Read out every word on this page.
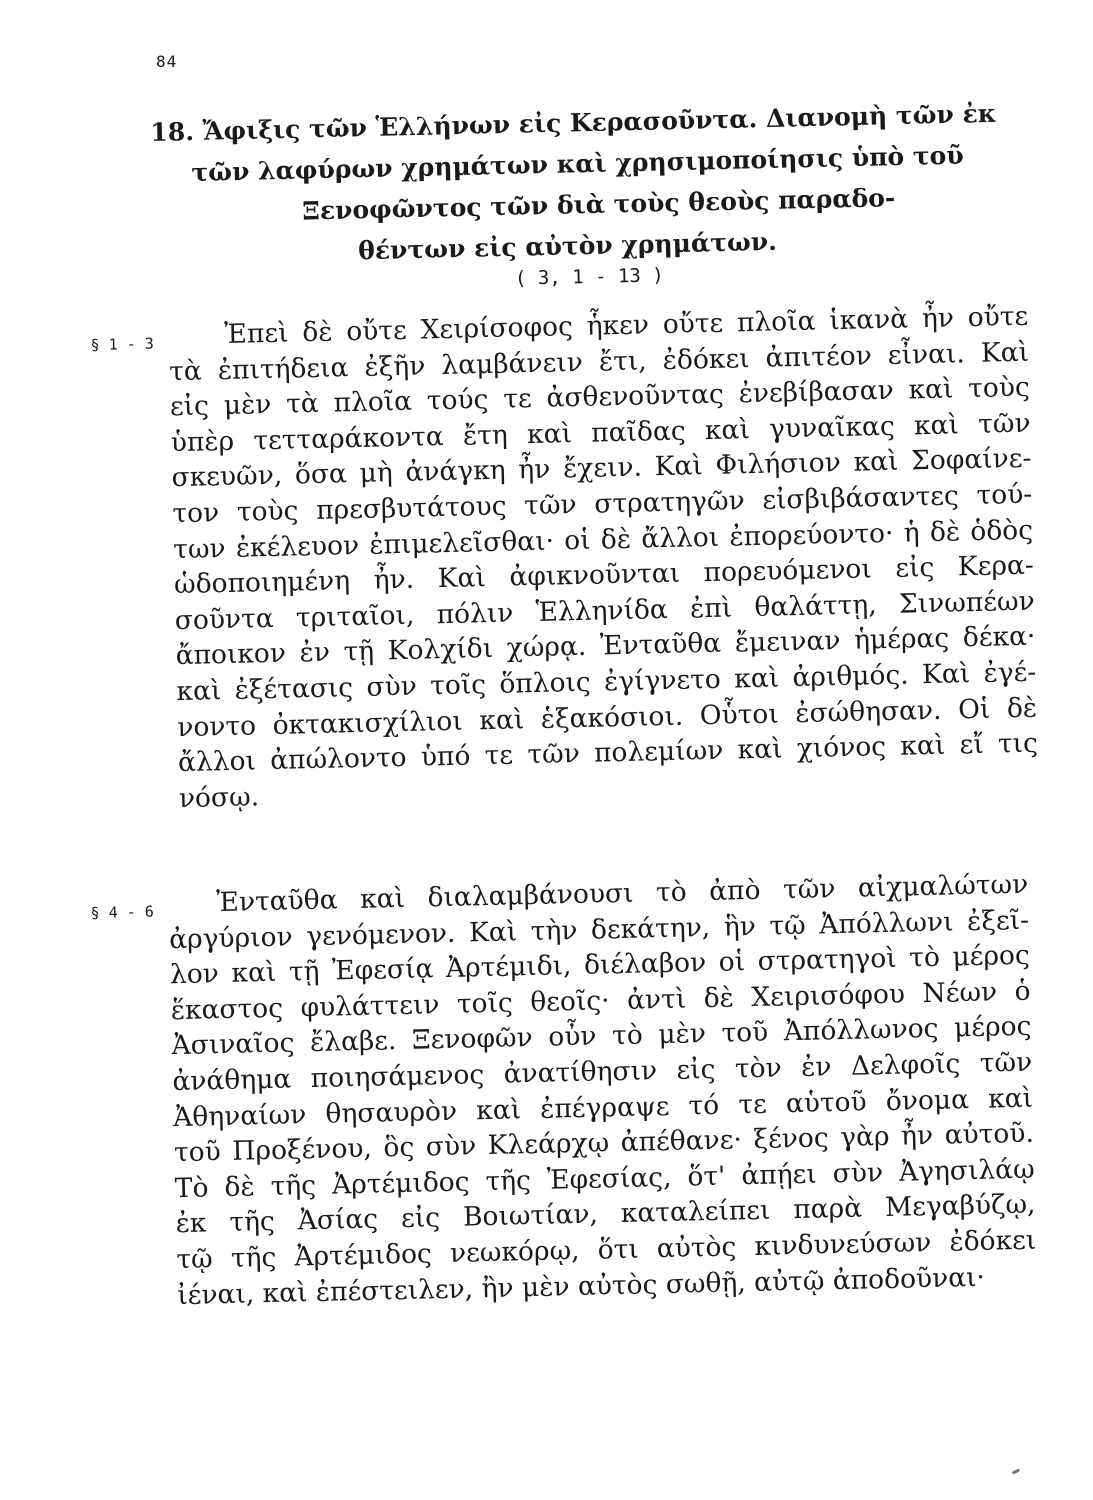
84
18. Ἄφιξις τῶν Ἑλλήνων εἰς Κερασοῦντα. Διανομὴ τῶν ἐκ
τῶν λαφύρων χρημάτων καὶ χρησιμοποίησις ὑπὸ τοῦ
Ξενοφῶντος τῶν διὰ τοὺς θεοὺς παραδο-
θέντων εἰς αὐτὸν χρημάτων.
( 3, 1 - 13 )
§ 1 - 3	Ἐπεὶ δὲ οὔτε Χειρίσοφος ἧκεν οὔτε πλοῖα ἱκανὰ ἦν οὔτε
τὰ ἐπιτήδεια ἐξῆν λαμβάνειν ἔτι, ἐδόκει ἀπιτέον εἶναι. Καὶ
εἰς μὲν τὰ πλοῖα τούς τε ἀσθενοῦντας ἐνεβίβασαν καὶ τοὺς
ὑπὲρ τετταράκοντα ἔτη καὶ παῖδας καὶ γυναῖκας καὶ τῶν
σκευῶν, ὅσα μὴ ἀνάγκη ἦν ἔχειν. Καὶ Φιλήσιον καὶ Σοφαίνε-
τον τοὺς πρεσβυτάτους τῶν στρατηγῶν εἰσβιβάσαντες τού-
των ἐκέλευον ἐπιμελεῖσθαι· οἱ δὲ ἄλλοι ἐπορεύοντο· ἡ δὲ ὁδὸς
ὡδοποιημένη ἦν. Καὶ ἀφικνοῦνται πορευόμενοι εἰς Κερα-
σοῦντα τριταῖοι, πόλιν Ἑλληνίδα ἐπὶ θαλάττῃ, Σινωπέων
ἄποικον ἐν τῇ Κολχίδι χώρᾳ. Ἐνταῦθα ἔμειναν ἡμέρας δέκα·
καὶ ἐξέτασις σὺν τοῖς ὅπλοις ἐγίγνετο καὶ ἀριθμός. Καὶ ἐγέ-
νοντο ὀκτακισχίλιοι καὶ ἑξακόσιοι. Οὗτοι ἐσώθησαν. Οἱ δὲ
ἄλλοι ἀπώλοντο ὑπό τε τῶν πολεμίων καὶ χιόνος καὶ εἴ τις
νόσῳ.
§ 4 - 6	Ἐνταῦθα καὶ διαλαμβάνουσι τὸ ἀπὸ τῶν αἰχμαλώτων
ἀργύριον γενόμενον. Καὶ τὴν δεκάτην, ἣν τῷ Ἀπόλλωνι ἐξεῖ-
λον καὶ τῇ Ἐφεσίᾳ Ἀρτέμιδι, διέλαβον οἱ στρατηγοὶ τὸ μέρος
ἕκαστος φυλάττειν τοῖς θεοῖς· ἀντὶ δὲ Χειρισόφου Νέων ὁ
Ἀσιναῖος ἔλαβε. Ξενοφῶν οὖν τὸ μὲν τοῦ Ἀπόλλωνος μέρος
ἀνάθημα ποιησάμενος ἀνατίθησιν εἰς τὸν ἐν Δελφοῖς τῶν
Ἀθηναίων θησαυρὸν καὶ ἐπέγραψε τό τε αὑτοῦ ὄνομα καὶ
τοῦ Προξένου, ὃς σὺν Κλεάρχῳ ἀπέθανε· ξένος γὰρ ἦν αὐτοῦ.
Τὸ δὲ τῆς Ἀρτέμιδος τῆς Ἐφεσίας, ὅτ' ἀπῄει σὺν Ἀγησιλάῳ
ἐκ τῆς Ἀσίας εἰς Βοιωτίαν, καταλείπει παρὰ Μεγαβύζῳ,
τῷ τῆς Ἀρτέμιδος νεωκόρῳ, ὅτι αὐτὸς κινδυνεύσων ἐδόκει
ἰέναι, καὶ ἐπέστειλεν, ἢν μὲν αὐτὸς σωθῇ, αὐτῷ ἀποδοῦναι·
